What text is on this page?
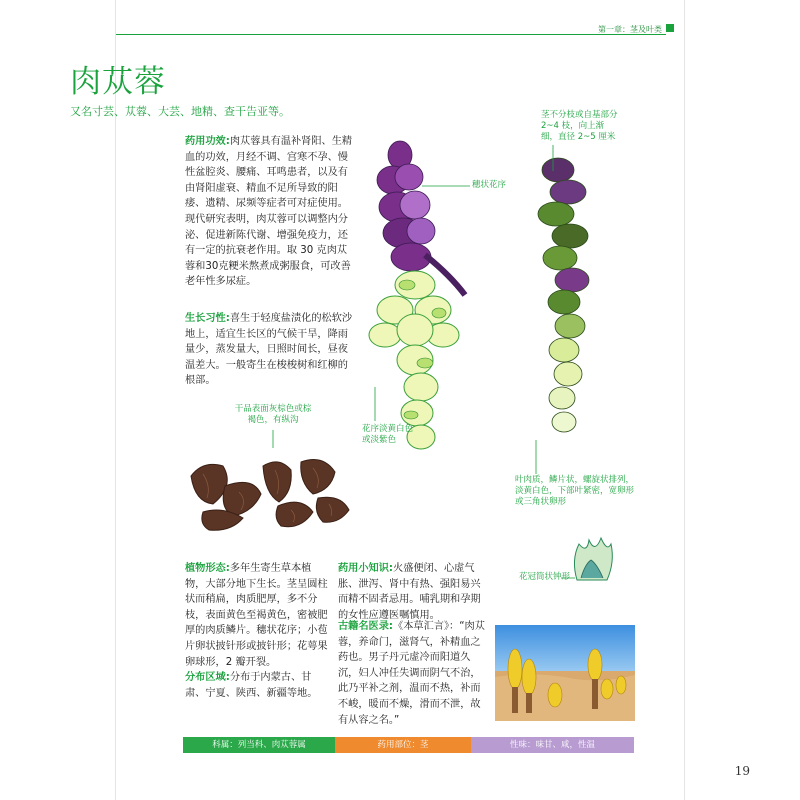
第一章：茎及叶类
肉苁蓉
又名寸芸、苁蓉、大芸、地精、查干告亚等。
药用功效:肉苁蓉具有温补肾阳、生精血的功效，月经不调、宫寒不孕、慢性盆腔炎、腰痛、耳鸣患者，以及有由肾阳虚衰、精血不足所导致的阳痿、遗精、尿频等症者可对症使用。现代研究表明，肉苁蓉可以调整内分泌、促进新陈代谢、增强免疫力，还有一定的抗衰老作用。取 30 克肉苁蓉和30克粳米熬煮成粥服食，可改善老年性多尿症。
生长习性:喜生于轻度盐渍化的松软沙地上，适宜生长区的气候干旱，降雨量少，蒸发量大，日照时间长，昼夜温差大。一般寄生在梭梭树和红柳的根部。
干品表面灰棕色或棕褐色，有纵沟
穗状花序
茎不分枝或自基部分2~4 枝，向上渐细，直径 2~5 厘米
花序淡黄白色或淡紫色
叶肉质，鳞片状，螺旋状排列，淡黄白色，下部叶紧密，宽卵形或三角状卵形
花冠筒状钟形
植物形态:多年生寄生草本植物，大部分地下生长。茎呈圆柱状而稍扁，肉质肥厚，多不分枝，表面黄色至褐黄色，密被肥厚的肉质鳞片。穗状花序；小苞片卵状披针形或披针形；花萼果卵球形，2 瓣开裂。
分布区域:分布于内蒙古、甘肃、宁夏、陕西、新疆等地。
药用小知识:火盛便闭、心虚气胀、泄泻、肾中有热、强阳易兴而精不固者忌用。哺乳期和孕期的女性应遵医嘱慎用。
古籍名医录:《本草汇言》：“肉苁蓉，养命门，滋肾气，补精血之药也。男子丹元虚冷而阳道久沉，妇人冲任失调而阴气不治，此乃平补之剂，温而不热，补而不峻，暖而不燥，滑而不泄，故有从容之名。”
科属：列当科、肉苁蓉属	药用部位：茎	性味：味甘、咸，性温
19
